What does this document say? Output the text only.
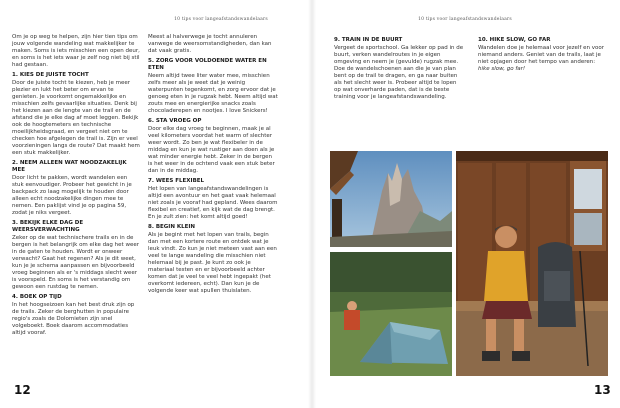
10 tips voor langeafstandswandelaars

Om je op weg te helpen, zijn hier tien tips om jouw volgende wandeling wat makkelijker te maken. Soms is iets misschien een open deur, en soms is het iets waar je zelf nog niet bij stil had gestaan.

1. KIES DE JUISTE TOCHT

Door de juiste tocht te kiezen, heb je meer plezier en lukt het beter om ervan te genieten. Je voorkomt ongemakkelijke en misschien zelfs gevaarlijke situaties. Denk bij het kiezen aan de lengte van de trail en de afstand die je elke dag af moet leggen. Bekijk ook de hoogtemeters en technische moeilijkheidsgraad, en vergeet niet om te checken hoe afgelegen de trail is. Zijn er veel voorzieningen langs de route? Dat maakt hem een stuk makkelijker.

2. NEEM ALLEEN WAT NOODZAKELIJK MEE

Door licht te pakken, wordt wandelen een stuk eenvoudiger. Probeer het gewicht in je backpack zo laag mogelijk te houden door alleen echt noodzakelijke dingen mee te nemen. Een paklijst vind je op pagina 59, zodat je niks vergeet.

3. BEKIJK ELKE DAG DE WEERSVERWACHTING

Zeker op de wat technischere trails en in de bergen is het belangrijk om elke dag het weer in de gaten te houden. Wordt er onweer verwacht? Gaat het regenen? Als je dit weet, kun je je schema aanpassen en bijvoorbeeld vroeg beginnen als er 's middags slecht weer is voorspeld. En soms is het verstandig om gewoon een rustdag te nemen.

4. BOEK OP TIJD

In het hoogseizoen kan het best druk zijn op de trails. Zeker de berghutten in populaire regio's zoals de Dolomieten zijn snel volgeboekt. Boek daarom accommodaties altijd vooraf.

Meest al halverwege je tocht annuleren vanwege de weersomstandigheden, dan kan dat vaak gratis.

5. ZORG VOOR VOLDOENDE WATER EN ETEN

Neem altijd twee liter water mee, misschien zelfs meer als je weet dat je weinig waterpunten tegenkomt, en zorg ervoor dat je genoeg eten in je rugzak hebt. Neem altijd wat zouts mee en energierijke snacks zoals chocoladerepen en nootjes. I love Snickers!

6. STA VROEG OP

Door elke dag vroeg te beginnen, maak je al veel kilometers voordat het warm of slechter weer wordt. Zo ben je wat flexibeler in de middag en kun je wat rustiger aan doen als je wat minder energie hebt. Zeker in de bergen is het weer in de ochtend vaak een stuk beter dan in de middag.

7. WEES FLEXIBEL

Het lopen van langeafstandswandelingen is altijd een avontuur en het gaat vaak helemaal niet zoals je vooraf had gepland. Wees daarom flexibel en creatief, en kijk wat de dag brengt. En je zult zien: het komt altijd goed!

8. BEGIN KLEIN

Als je begint met het lopen van trails, begin dan met een kortere route en ontdek wat je leuk vindt. Zo kun je niet meteen vast aan een veel te lange wandeling die misschien niet helemaal bij je past. Je kunt zo ook je materiaal testen en er bijvoorbeeld achter komen dat je veel te veel hebt ingepakt (het overkomt iedereen, echt). Dan kun je de volgende keer wat spullen thuislaten.

12
10 tips voor langeafstandswandelaars
9. TRAIN IN DE BUURT

Vergeet de sportschool. Ga lekker op pad in de buurt, verken wandelroutes in je eigen omgeving en neem je (gevulde) rugzak mee. Doe de wandelschoenen aan die je van plan bent op de trail te dragen, en ga naar buiten als het slecht weer is. Probeer altijd te lopen op wat onverharde paden, dat is de beste training voor je langeafstandswandeling.

10. HIKE SLOW, GO FAR

Wandelen doe je helemaal voor jezelf en voor niemand anders. Geniet van de trails, laat je niet opjagen door het tempo van anderen: hike slow, go far!

13
